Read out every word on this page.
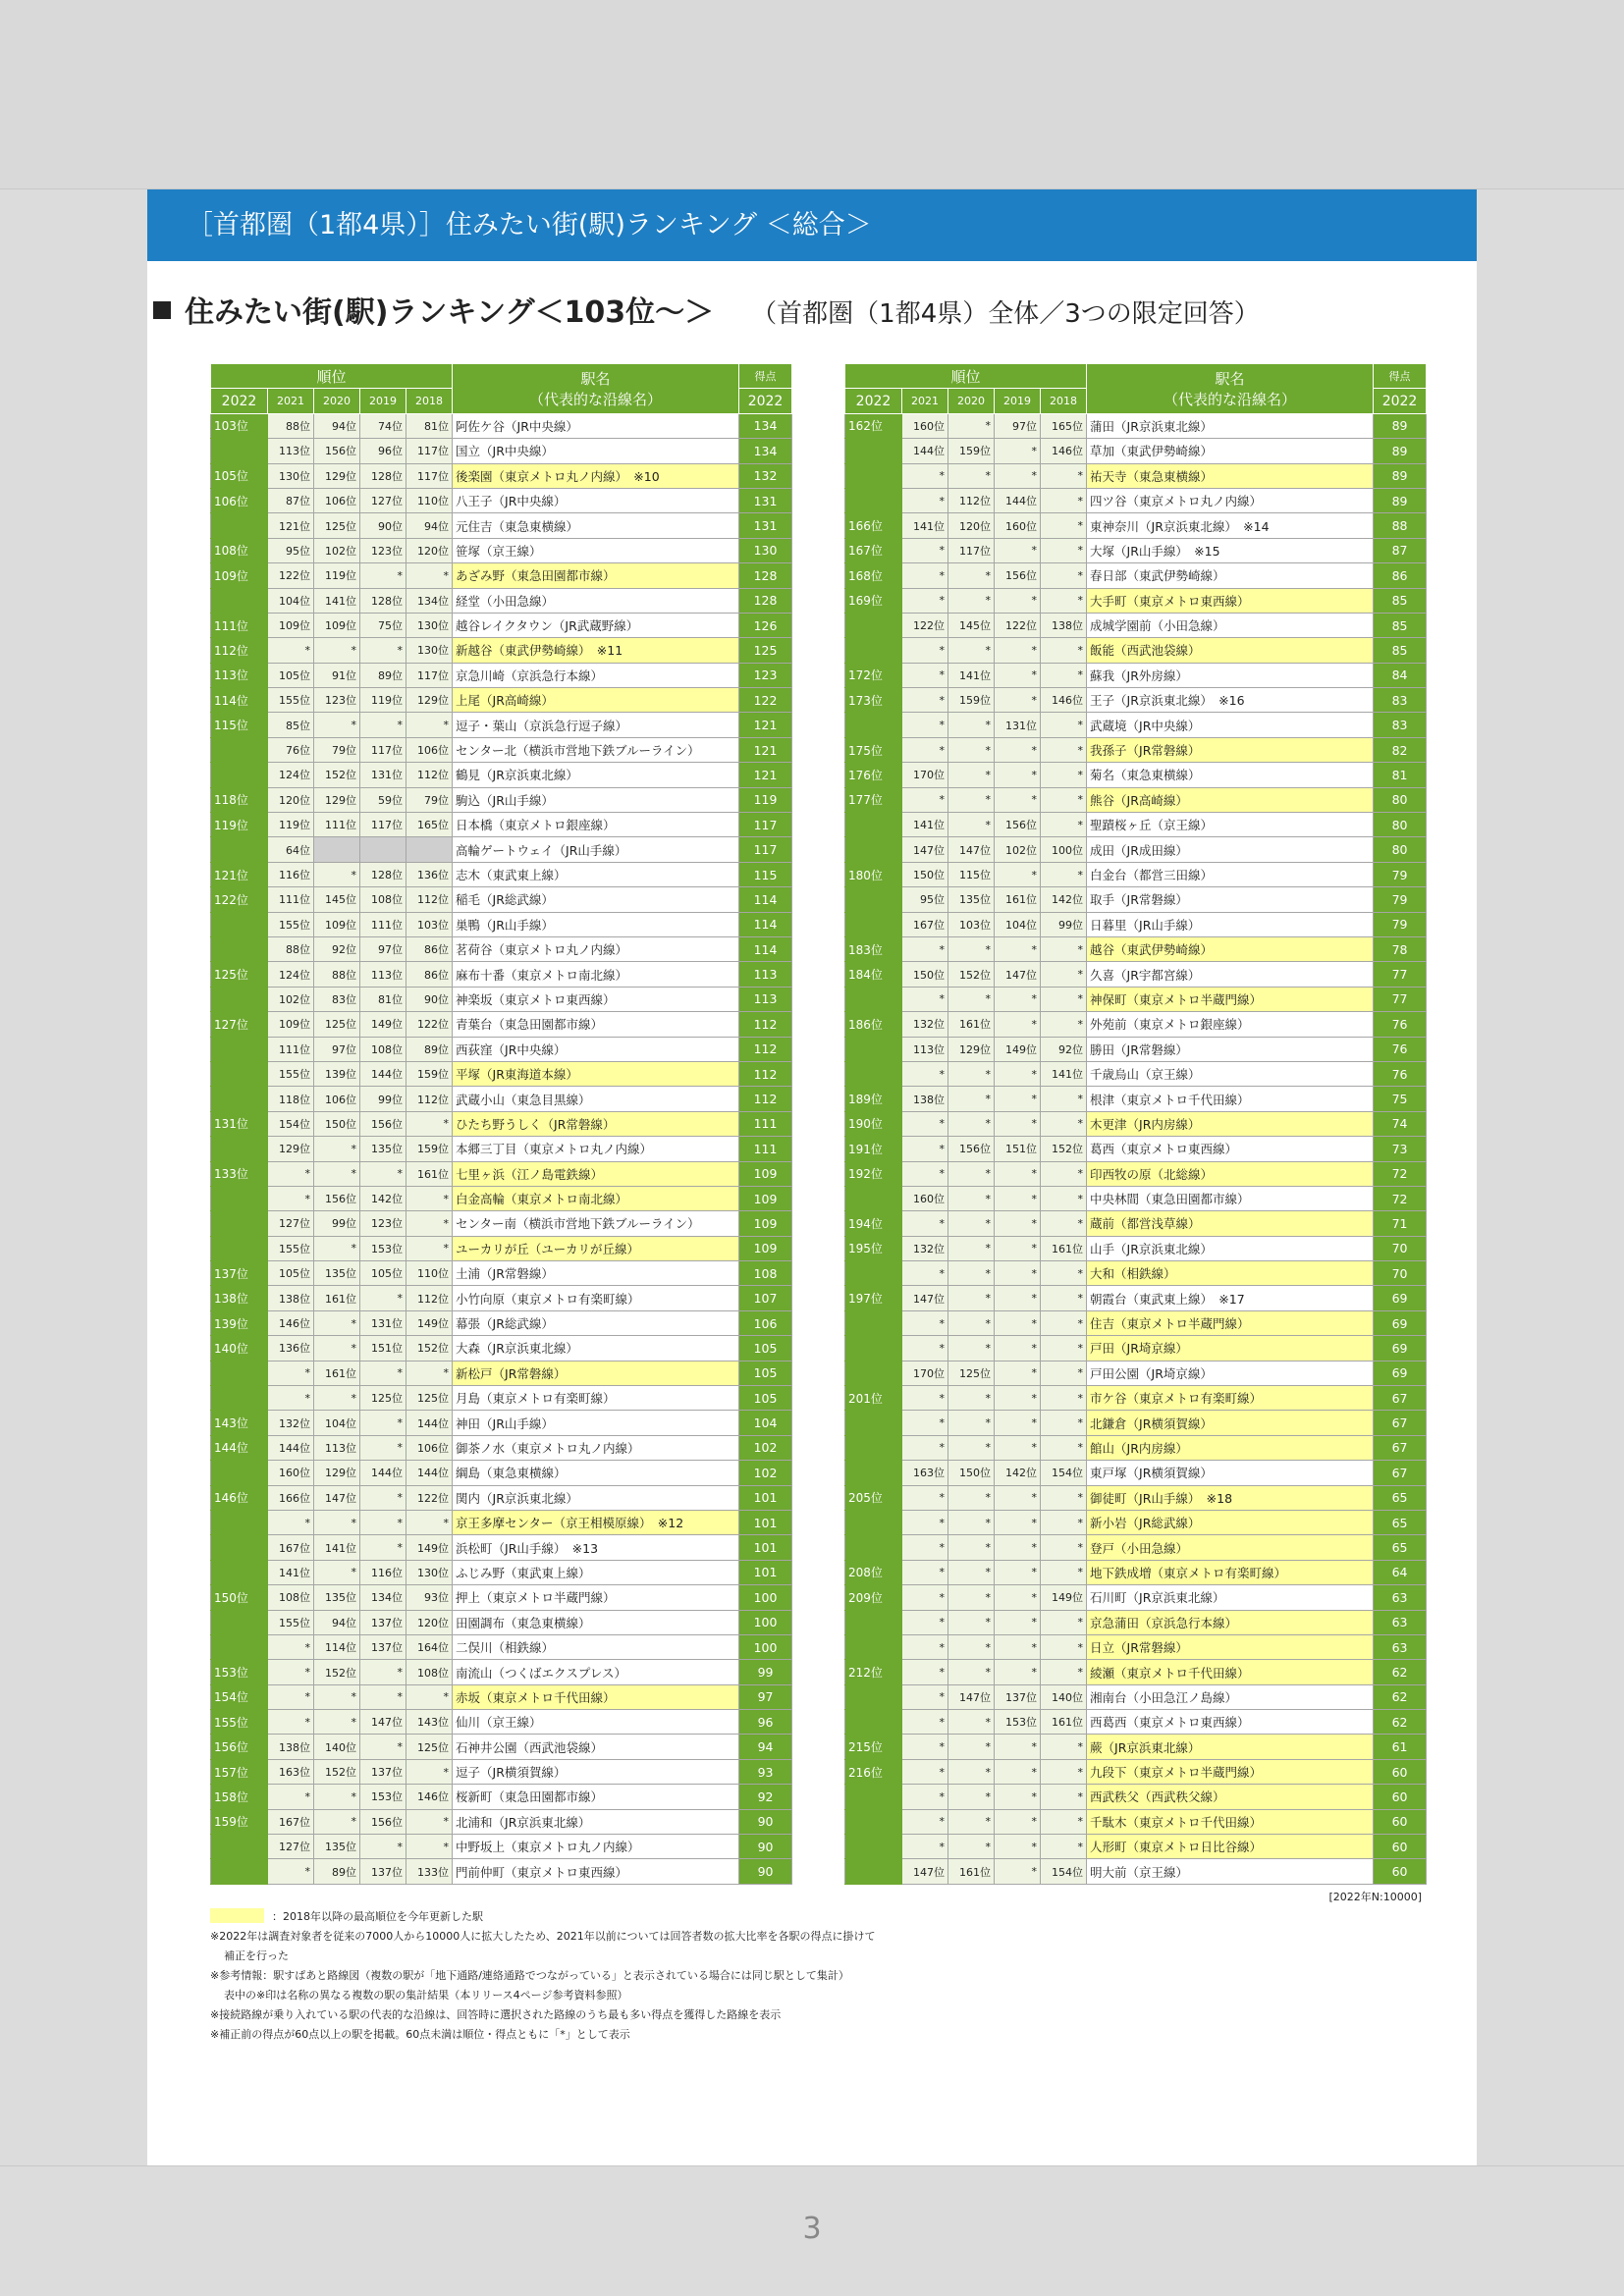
［首都圏（1都4県）］住みたい街(駅)ランキング ＜総合＞
住みたい街(駅)ランキング＜103位～＞ （首都圏（1都4県）全体／3つの限定回答）
順位					駅名
（代表的な沿線名）	得点
2022	2021	2020	2019	2018		2022
103位	88位	94位	74位	81位	阿佐ケ谷（JR中央線）	134
	113位	156位	96位	117位	国立（JR中央線）	134
105位	130位	129位	128位	117位	後楽園（東京メトロ丸ノ内線）　※10	132
106位	87位	106位	127位	110位	八王子（JR中央線）	131
	121位	125位	90位	94位	元住吉（東急東横線）	131
108位	95位	102位	123位	120位	笹塚（京王線）	130
109位	122位	119位	*	*	あざみ野（東急田園都市線）	128
	104位	141位	128位	134位	経堂（小田急線）	128
111位	109位	109位	75位	130位	越谷レイクタウン（JR武蔵野線）	126
112位	*	*	*	130位	新越谷（東武伊勢崎線）　※11	125
113位	105位	91位	89位	117位	京急川崎（京浜急行本線）	123
114位	155位	123位	119位	129位	上尾（JR高崎線）	122
115位	85位	*	*	*	逗子・葉山（京浜急行逗子線）	121
	76位	79位	117位	106位	センター北（横浜市営地下鉄ブルーライン）	121
	124位	152位	131位	112位	鶴見（JR京浜東北線）	121
118位	120位	129位	59位	79位	駒込（JR山手線）	119
119位	119位	111位	117位	165位	日本橋（東京メトロ銀座線）	117
	64位				高輪ゲートウェイ（JR山手線）	117
121位	116位	*	128位	136位	志木（東武東上線）	115
122位	111位	145位	108位	112位	稲毛（JR総武線）	114
	155位	109位	111位	103位	巣鴨（JR山手線）	114
	88位	92位	97位	86位	茗荷谷（東京メトロ丸ノ内線）	114
125位	124位	88位	113位	86位	麻布十番（東京メトロ南北線）	113
	102位	83位	81位	90位	神楽坂（東京メトロ東西線）	113
127位	109位	125位	149位	122位	青葉台（東急田園都市線）	112
	111位	97位	108位	89位	西荻窪（JR中央線）	112
	155位	139位	144位	159位	平塚（JR東海道本線）	112
	118位	106位	99位	112位	武蔵小山（東急目黒線）	112
131位	154位	150位	156位	*	ひたち野うしく（JR常磐線）	111
	129位	*	135位	159位	本郷三丁目（東京メトロ丸ノ内線）	111
133位	*	*	*	161位	七里ヶ浜（江ノ島電鉄線）	109
	*	156位	142位	*	白金高輪（東京メトロ南北線）	109
	127位	99位	123位	*	センター南（横浜市営地下鉄ブルーライン）	109
	155位	*	153位	*	ユーカリが丘（ユーカリが丘線）	109
137位	105位	135位	105位	110位	土浦（JR常磐線）	108
138位	138位	161位	*	112位	小竹向原（東京メトロ有楽町線）	107
139位	146位	*	131位	149位	幕張（JR総武線）	106
140位	136位	*	151位	152位	大森（JR京浜東北線）	105
	*	161位	*	*	新松戸（JR常磐線）	105
	*	*	125位	125位	月島（東京メトロ有楽町線）	105
143位	132位	104位	*	144位	神田（JR山手線）	104
144位	144位	113位	*	106位	御茶ノ水（東京メトロ丸ノ内線）	102
	160位	129位	144位	144位	綱島（東急東横線）	102
146位	166位	147位	*	122位	関内（JR京浜東北線）	101
	*	*	*	*	京王多摩センター（京王相模原線）　※12	101
	167位	141位	*	149位	浜松町（JR山手線）　※13	101
	141位	*	116位	130位	ふじみ野（東武東上線）	101
150位	108位	135位	134位	93位	押上（東京メトロ半蔵門線）	100
	155位	94位	137位	120位	田園調布（東急東横線）	100
	*	114位	137位	164位	二俣川（相鉄線）	100
153位	*	152位	*	108位	南流山（つくばエクスプレス）	99
154位	*	*	*	*	赤坂（東京メトロ千代田線）	97
155位	*	*	147位	143位	仙川（京王線）	96
156位	138位	140位	*	125位	石神井公園（西武池袋線）	94
157位	163位	152位	137位	*	逗子（JR横須賀線）	93
158位	*	*	153位	146位	桜新町（東急田園都市線）	92
159位	167位	*	156位	*	北浦和（JR京浜東北線）	90
	127位	135位	*	*	中野坂上（東京メトロ丸ノ内線）	90
	*	89位	137位	133位	門前仲町（東京メトロ東西線）	90
順位					駅名
（代表的な沿線名）	得点
2022	2021	2020	2019	2018		2022
162位	160位	*	97位	165位	蒲田（JR京浜東北線）	89
	144位	159位	*	146位	草加（東武伊勢崎線）	89
	*	*	*	*	祐天寺（東急東横線）	89
	*	112位	144位	*	四ツ谷（東京メトロ丸ノ内線）	89
166位	141位	120位	160位	*	東神奈川（JR京浜東北線）　※14	88
167位	*	117位	*	*	大塚（JR山手線）　※15	87
168位	*	*	156位	*	春日部（東武伊勢崎線）	86
169位	*	*	*	*	大手町（東京メトロ東西線）	85
	122位	145位	122位	138位	成城学園前（小田急線）	85
	*	*	*	*	飯能（西武池袋線）	85
172位	*	141位	*	*	蘇我（JR外房線）	84
173位	*	159位	*	146位	王子（JR京浜東北線）　※16	83
	*	*	131位	*	武蔵境（JR中央線）	83
175位	*	*	*	*	我孫子（JR常磐線）	82
176位	170位	*	*	*	菊名（東急東横線）	81
177位	*	*	*	*	熊谷（JR高崎線）	80
	141位	*	156位	*	聖蹟桜ヶ丘（京王線）	80
	147位	147位	102位	100位	成田（JR成田線）	80
180位	150位	115位	*	*	白金台（都営三田線）	79
	95位	135位	161位	142位	取手（JR常磐線）	79
	167位	103位	104位	99位	日暮里（JR山手線）	79
183位	*	*	*	*	越谷（東武伊勢崎線）	78
184位	150位	152位	147位	*	久喜（JR宇都宮線）	77
	*	*	*	*	神保町（東京メトロ半蔵門線）	77
186位	132位	161位	*	*	外苑前（東京メトロ銀座線）	76
	113位	129位	149位	92位	勝田（JR常磐線）	76
	*	*	*	141位	千歳烏山（京王線）	76
189位	138位	*	*	*	根津（東京メトロ千代田線）	75
190位	*	*	*	*	木更津（JR内房線）	74
191位	*	156位	151位	152位	葛西（東京メトロ東西線）	73
192位	*	*	*	*	印西牧の原（北総線）	72
	160位	*	*	*	中央林間（東急田園都市線）	72
194位	*	*	*	*	蔵前（都営浅草線）	71
195位	132位	*	*	161位	山手（JR京浜東北線）	70
	*	*	*	*	大和（相鉄線）	70
197位	147位	*	*	*	朝霞台（東武東上線）　※17	69
	*	*	*	*	住吉（東京メトロ半蔵門線）	69
	*	*	*	*	戸田（JR埼京線）	69
	170位	125位	*	*	戸田公園（JR埼京線）	69
201位	*	*	*	*	市ケ谷（東京メトロ有楽町線）	67
	*	*	*	*	北鎌倉（JR横須賀線）	67
	*	*	*	*	館山（JR内房線）	67
	163位	150位	142位	154位	東戸塚（JR横須賀線）	67
205位	*	*	*	*	御徒町（JR山手線）　※18	65
	*	*	*	*	新小岩（JR総武線）	65
	*	*	*	*	登戸（小田急線）	65
208位	*	*	*	*	地下鉄成増（東京メトロ有楽町線）	64
209位	*	*	*	149位	石川町（JR京浜東北線）	63
	*	*	*	*	京急蒲田（京浜急行本線）	63
	*	*	*	*	日立（JR常磐線）	63
212位	*	*	*	*	綾瀬（東京メトロ千代田線）	62
	*	147位	137位	140位	湘南台（小田急江ノ島線）	62
	*	*	153位	161位	西葛西（東京メトロ東西線）	62
215位	*	*	*	*	蕨（JR京浜東北線）	61
216位	*	*	*	*	九段下（東京メトロ半蔵門線）	60
	*	*	*	*	西武秩父（西武秩父線）	60
	*	*	*	*	千駄木（東京メトロ千代田線）	60
	*	*	*	*	人形町（東京メトロ日比谷線）	60
	147位	161位	*	154位	明大前（京王線）	60
[2022年N:10000]
：2018年以降の最高順位を今年更新した駅
※2022年は調査対象者を従来の7000人から10000人に拡大したため、2021年以前については回答者数の拡大比率を各駅の得点に掛けて
補正を行った
※参考情報：駅すぱあと路線図（複数の駅が「地下通路/連絡通路でつながっている」と表示されている場合には同じ駅として集計）
表中の※印は名称の異なる複数の駅の集計結果（本リリース4ページ参考資料参照）
※接続路線が乗り入れている駅の代表的な沿線は、回答時に選択された路線のうち最も多い得点を獲得した路線を表示
※補正前の得点が60点以上の駅を掲載。60点未満は順位・得点ともに「*」として表示
3
